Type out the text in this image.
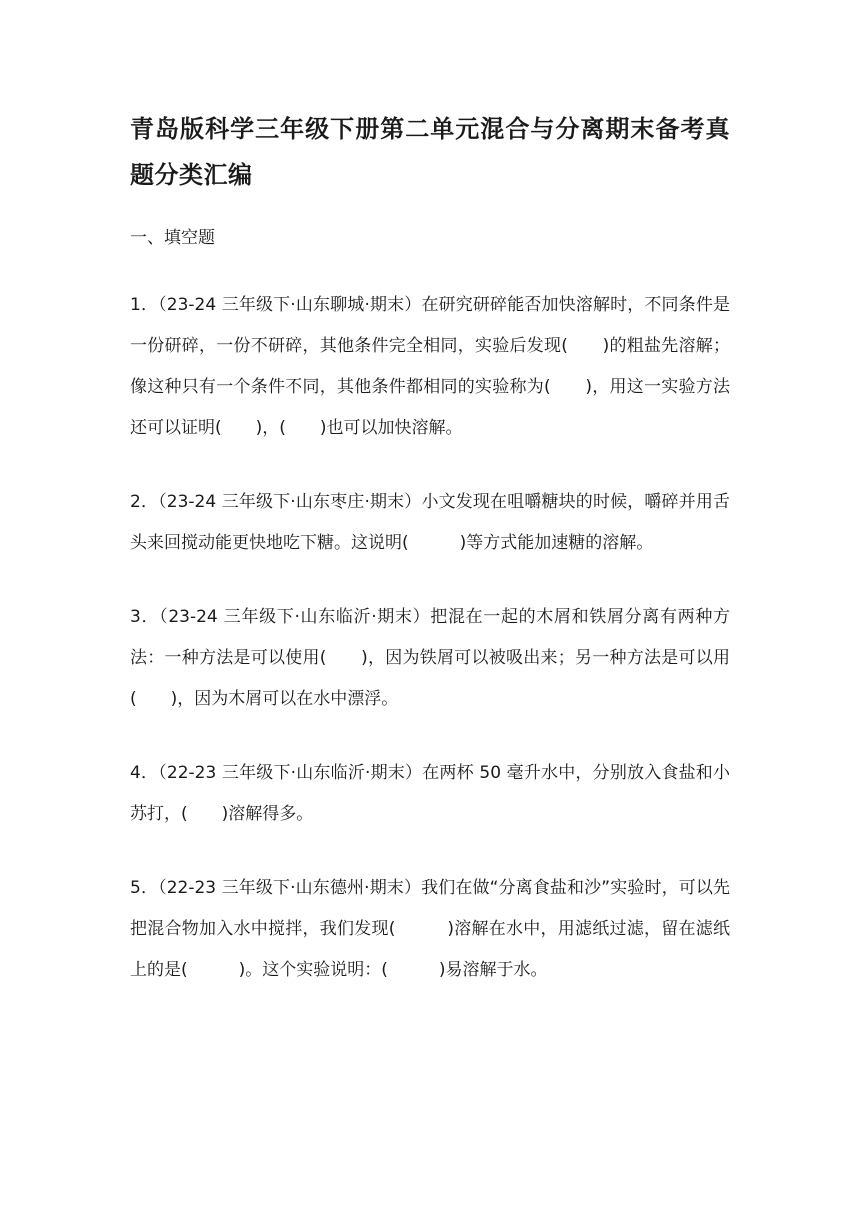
青岛版科学三年级下册第二单元混合与分离期末备考真题分类汇编
一、填空题

1．（23-24 三年级下·山东聊城·期末）在研究研碎能否加快溶解时，不同条件是一份研碎，一份不研碎，其他条件完全相同，实验后发现(　　)的粗盐先溶解；像这种只有一个条件不同，其他条件都相同的实验称为(　　)，用这一实验方法还可以证明(　　)，(　　)也可以加快溶解。

2．（23-24 三年级下·山东枣庄·期末）小文发现在咀嚼糖块的时候，嚼碎并用舌头来回搅动能更快地吃下糖。这说明(　　　)等方式能加速糖的溶解。

3．（23-24 三年级下·山东临沂·期末）把混在一起的木屑和铁屑分离有两种方法：一种方法是可以使用(　　)，因为铁屑可以被吸出来；另一种方法是可以用(　　)，因为木屑可以在水中漂浮。

4．（22-23 三年级下·山东临沂·期末）在两杯 50 毫升水中，分别放入食盐和小苏打，(　　)溶解得多。

5．（22-23 三年级下·山东德州·期末）我们在做“分离食盐和沙”实验时，可以先把混合物加入水中搅拌，我们发现(　　　)溶解在水中，用滤纸过滤，留在滤纸上的是(　　　)。这个实验说明：(　　　)易溶解于水。
